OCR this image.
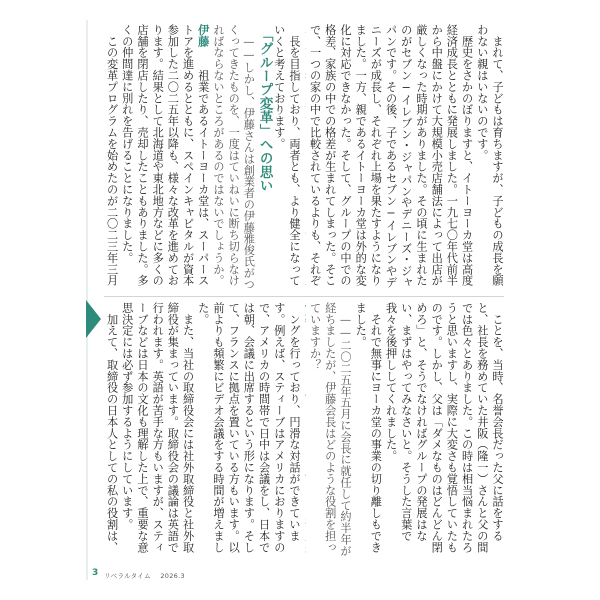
　まれて、子どもは育ちますが、子どもの成長を願わない親はいないのです。

　歴史をさかのぼりますと、イトーヨーカ堂は高度経済成長とともに発展しました。一九七〇年代前半から中盤にかけて大規模小売店舗法によって出店が厳しくなった時期がありました。その頃に生まれたのがセブン−イレブン・ジャパンやデニーズ・ジャパンです。その後、子であるセブン−イレブンやデニーズが成長し、それぞれ上場を果たすようになりました。一方、親であるイトーヨーカ堂は外的な変化に対応できなかった。そして、グループの中での格差、家族の中での格差が生まれてしまった。そこで、一つの家の中で比較されているよりも、それぞ

　長を目指しており、両者とも、より健全になっていくと考えております。

「グループ変革」への思い

　——しかし、伊藤さんは創業者の伊藤雅俊氏がつくってきたものを、一度はていねいに断ち切らなければならないところがあるのではないでしょうか。

伊藤　　祖業であるイトーヨーカ堂は、スーパーストアを進めるとともに、スペインキャピタルが資本参加した二〇二五年以降も、様々な改革を進めております。結果として北海道や東北地方などに多くの店舗を閉店したり、売却したこともありました。多くの仲間達に別れを告げることになりました。

　この変革プログラムを始めたのが二〇二三年三月

　ことを、当時、名誉会長だった父に話をすると、社長を務めていた井阪（隆一）さんと父の間では色々とありました。この時は相当悩まれたろうと思いますし、実際に大変さも覚悟していたものです。しかし、父は「ダメなものはどんどん閉めろ」と、そうでなければグループの発展はない、まずはやってみなさいと。そうした言葉で我々を後押ししてくれました。

　それで無事にヨーカ堂の事業の切り離しもできました。

　——二〇二五年五月に会長に就任して約半年が経ちましたが、伊藤会長はどのような役割を担っていますか？

　ングを行っており、円滑な対話ができています。例えば、スティーブはアメリカにおりますので、アメリカの時間帯で日中は会議をし、日本では朝、会議に出席するという形になります。そして、フランスに拠点を置いている方もいます。以前よりも頻繁にビデオ会議をする時間が増えました。

　また、当社の取締役会には社外取締役と社外取締役が集まっています。取締役会の議論は英語で行われます。英語が苦手な方もいますが、スティーブなどは日本の文化も理解した上で、重要な意思決定には必ず参加するようにしています。

　加えて、取締役の日本人としての私の役割は、

3 リベラルタイム 2026.3
